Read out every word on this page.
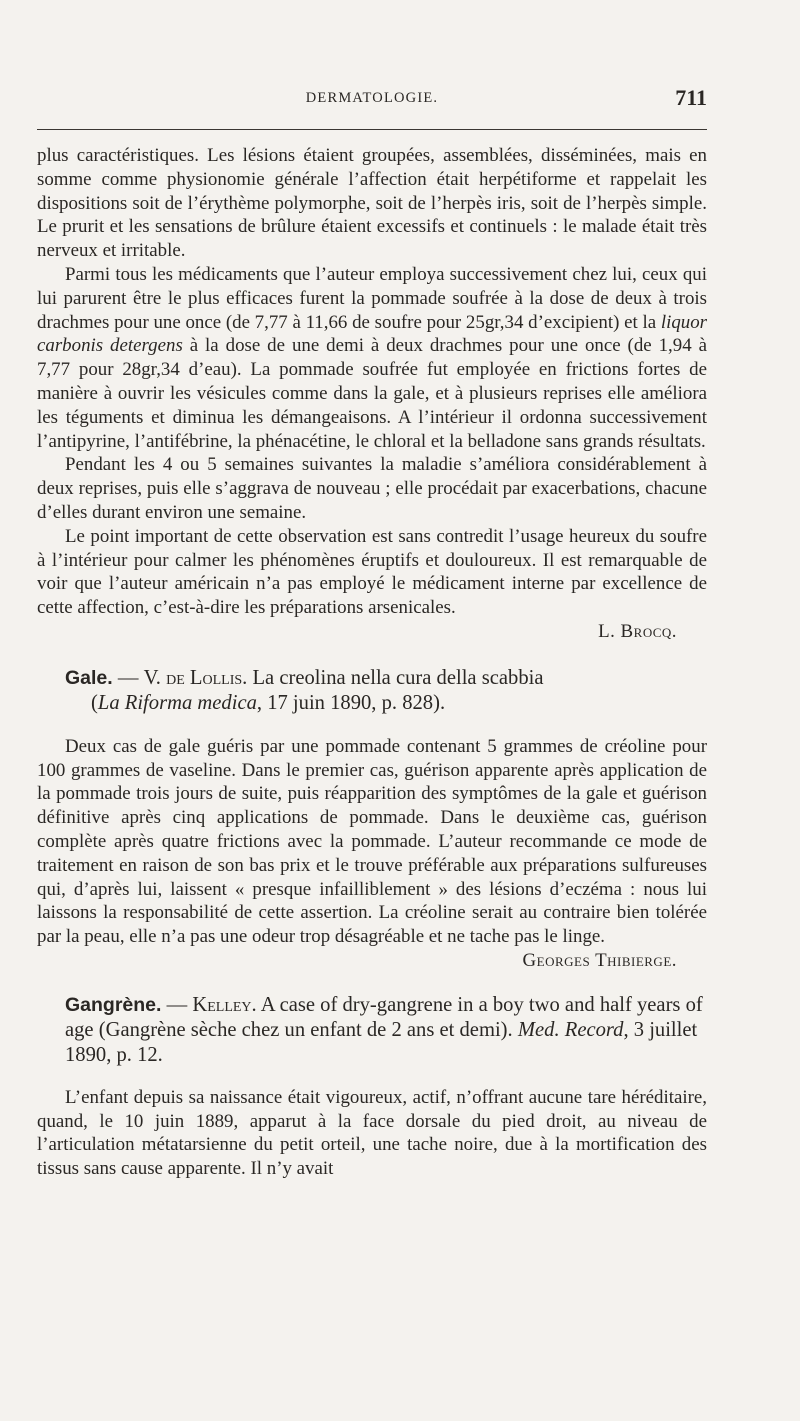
DERMATOLOGIE.	711

plus caractéristiques. Les lésions étaient groupées, assemblées, disséminées, mais en somme comme physionomie générale l’affection était herpétiforme et rappelait les dispositions soit de l’érythème polymorphe, soit de l’herpès iris, soit de l’herpès simple. Le prurit et les sensations de brûlure étaient excessifs et continuels : le malade était très nerveux et irritable.

Parmi tous les médicaments que l’auteur employa successivement chez lui, ceux qui lui parurent être le plus efficaces furent la pommade soufrée à la dose de deux à trois drachmes pour une once (de 7,77 à 11,66 de soufre pour 25gr,34 d’excipient) et la liquor carbonis detergens à la dose de une demi à deux drachmes pour une once (de 1,94 à 7,77 pour 28gr,34 d’eau). La pommade soufrée fut employée en frictions fortes de manière à ouvrir les vésicules comme dans la gale, et à plusieurs reprises elle améliora les téguments et diminua les démangeaisons. A l’intérieur il ordonna successivement l’antipyrine, l’antifébrine, la phénacétine, le chloral et la belladone sans grands résultats.

Pendant les 4 ou 5 semaines suivantes la maladie s’améliora considérablement à deux reprises, puis elle s’aggrava de nouveau ; elle procédait par exacerbations, chacune d’elles durant environ une semaine.

Le point important de cette observation est sans contredit l’usage heureux du soufre à l’intérieur pour calmer les phénomènes éruptifs et douloureux. Il est remarquable de voir que l’auteur américain n’a pas employé le médicament interne par excellence de cette affection, c’est-à-dire les préparations arsenicales.

L. Brocq.

Gale. — V. de Lollis. La creolina nella cura della scabbia
(La Riforma medica, 17 juin 1890, p. 828).

Deux cas de gale guéris par une pommade contenant 5 grammes de créoline pour 100 grammes de vaseline. Dans le premier cas, guérison apparente après application de la pommade trois jours de suite, puis réapparition des symptômes de la gale et guérison définitive après cinq applications de pommade. Dans le deuxième cas, guérison complète après quatre frictions avec la pommade. L’auteur recommande ce mode de traitement en raison de son bas prix et le trouve préférable aux préparations sulfureuses qui, d’après lui, laissent « presque infailliblement » des lésions d’eczéma : nous lui laissons la responsabilité de cette assertion. La créoline serait au contraire bien tolérée par la peau, elle n’a pas une odeur trop désagréable et ne tache pas le linge.

Georges Thibierge.

Gangrène. — Kelley. A case of dry-gangrene in a boy two and half years of age (Gangrène sèche chez un enfant de 2 ans et demi). Med. Record, 3 juillet 1890, p. 12.

L’enfant depuis sa naissance était vigoureux, actif, n’offrant aucune tare héréditaire, quand, le 10 juin 1889, apparut à la face dorsale du pied droit, au niveau de l’articulation métatarsienne du petit orteil, une tache noire, due à la mortification des tissus sans cause apparente. Il n’y avait
